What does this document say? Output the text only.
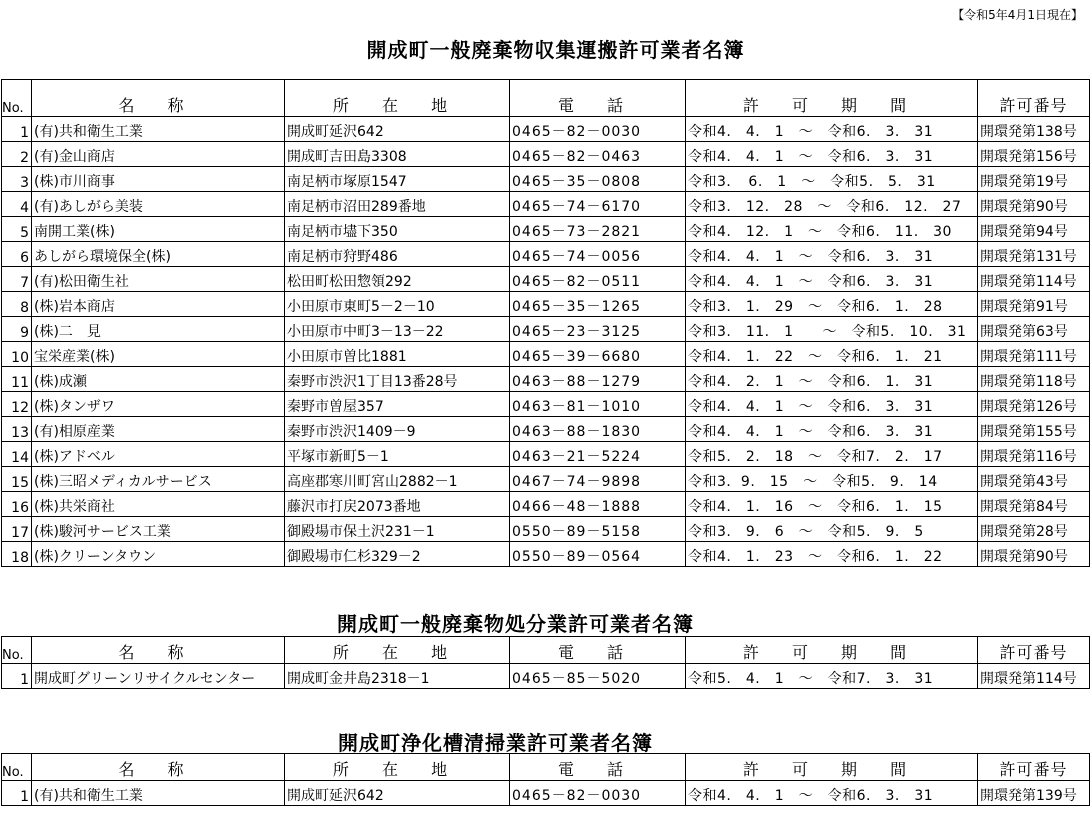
【令和5年4月1日現在】
開成町一般廃棄物収集運搬許可業者名簿
No.	名 称	所 在 地	電 話	許 可 期 間	許可番号
1	(有)共和衛生工業	開成町延沢642	0465－82－0030	令和4.　4.　1　～　令和6.　3.　31	開環発第138号
2	(有)金山商店	開成町吉田島3308	0465－82－0463	令和4.　4.　1　～　令和6.　3.　31	開環発第156号
3	(株)市川商事	南足柄市塚原1547	0465－35－0808	令和3．　6.　1　～　令和5.　5.　31	開環発第19号
4	(有)あしがら美装	南足柄市沼田289番地	0465－74－6170	令和3.　12.　28　～　令和6.　12.　27	開環発第90号
5	南開工業(株)	南足柄市壗下350	0465－73－2821	令和4.　12.　1　～　令和6.　11.　30	開環発第94号
6	あしがら環境保全(株)	南足柄市狩野486	0465－74－0056	令和4.　4.　1　～　令和6.　3.　31	開環発第131号
7	(有)松田衛生社	松田町松田惣領292	0465－82－0511	令和4.　4.　1　～　令和6.　3.　31	開環発第114号
8	(株)岩本商店	小田原市東町5－2－10	0465－35－1265	令和3.　1.　29　～　令和6.　1.　28	開環発第91号
9	(株)二　見	小田原市中町3－13－22	0465－23－3125	令和3.　11.　1　　～　令和5.　10.　31	開環発第63号
10	宝栄産業(株)	小田原市曽比1881	0465－39－6680	令和4.　1.　22　～　令和6.　1.　21	開環発第111号
11	(株)成瀬	秦野市渋沢1丁目13番28号	0463－88－1279	令和4.　2.　1　～　令和6.　1.　31	開環発第118号
12	(株)タンザワ	秦野市曽屋357	0463－81－1010	令和4.　4.　1　～　令和6.　3.　31	開環発第126号
13	(有)相原産業	秦野市渋沢1409－9	0463－88－1830	令和4.　4.　1　～　令和6.　3.　31	開環発第155号
14	(株)アドベル	平塚市新町5－1	0463－21－5224	令和5.　2.　18　～　令和7.　2.　17	開環発第116号
15	(株)三昭メディカルサービス	高座郡寒川町宮山2882－1	0467－74－9898	令和3．9.　15　～　令和5.　9.　14	開環発第43号
16	(株)共栄商社	藤沢市打戻2073番地	0466－48－1888	令和4.　1.　16　～　令和6.　1.　15	開環発第84号
17	(株)駿河サービス工業	御殿場市保土沢231－1	0550－89－5158	令和3.　9.　6　～　令和5.　9.　5	開環発第28号
18	(株)クリーンタウン	御殿場市仁杉329－2	0550－89－0564	令和4.　1.　23　～　令和6.　1.　22	開環発第90号
開成町一般廃棄物処分業許可業者名簿
No.	名 称	所 在 地	電 話	許 可 期 間	許可番号
1	開成町グリーンリサイクルセンター	開成町金井島2318－1	0465－85－5020	令和5.　4.　1　～　令和7.　3.　31	開環発第114号
開成町浄化槽清掃業許可業者名簿
No.	名 称	所 在 地	電 話	許 可 期 間	許可番号
1	(有)共和衛生工業	開成町延沢642	0465－82－0030	令和4.　4.　1　～　令和6.　3.　31	開環発第139号
